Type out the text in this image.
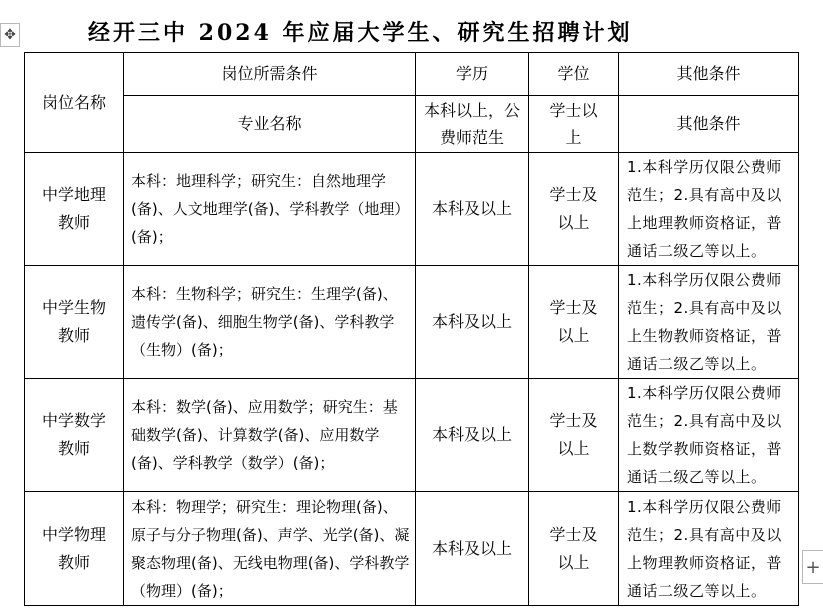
✥	经开三中 2024 年应届大学生、研究生招聘计划
岗位名称	岗位所需条件	学历	学位	其他条件
	专业名称	本科以上，公费师范生	学士以上	其他条件
中学地理教师	本科：地理科学；研究生：自然地理学(备)、人文地理学(备)、学科教学（地理）(备)；	本科及以上	学士及以上	1.本科学历仅限公费师范生；2.具有高中及以上地理教师资格证，普通话二级乙等以上。
中学生物教师	本科：生物科学；研究生：生理学(备)、遗传学(备)、细胞生物学(备)、学科教学（生物）(备)；	本科及以上	学士及以上	1.本科学历仅限公费师范生；2.具有高中及以上生物教师资格证，普通话二级乙等以上。
中学数学教师	本科：数学(备)、应用数学；研究生：基础数学(备)、计算数学(备)、应用数学(备)、学科教学（数学）(备)；	本科及以上	学士及以上	1.本科学历仅限公费师范生；2.具有高中及以上数学教师资格证，普通话二级乙等以上。
中学物理教师	本科：物理学；研究生：理论物理(备)、原子与分子物理(备)、声学、光学(备)、凝聚态物理(备)、无线电物理(备)、学科教学（物理）(备)；	本科及以上	学士及以上	1.本科学历仅限公费师范生；2.具有高中及以上物理教师资格证，普通话二级乙等以上。
+
